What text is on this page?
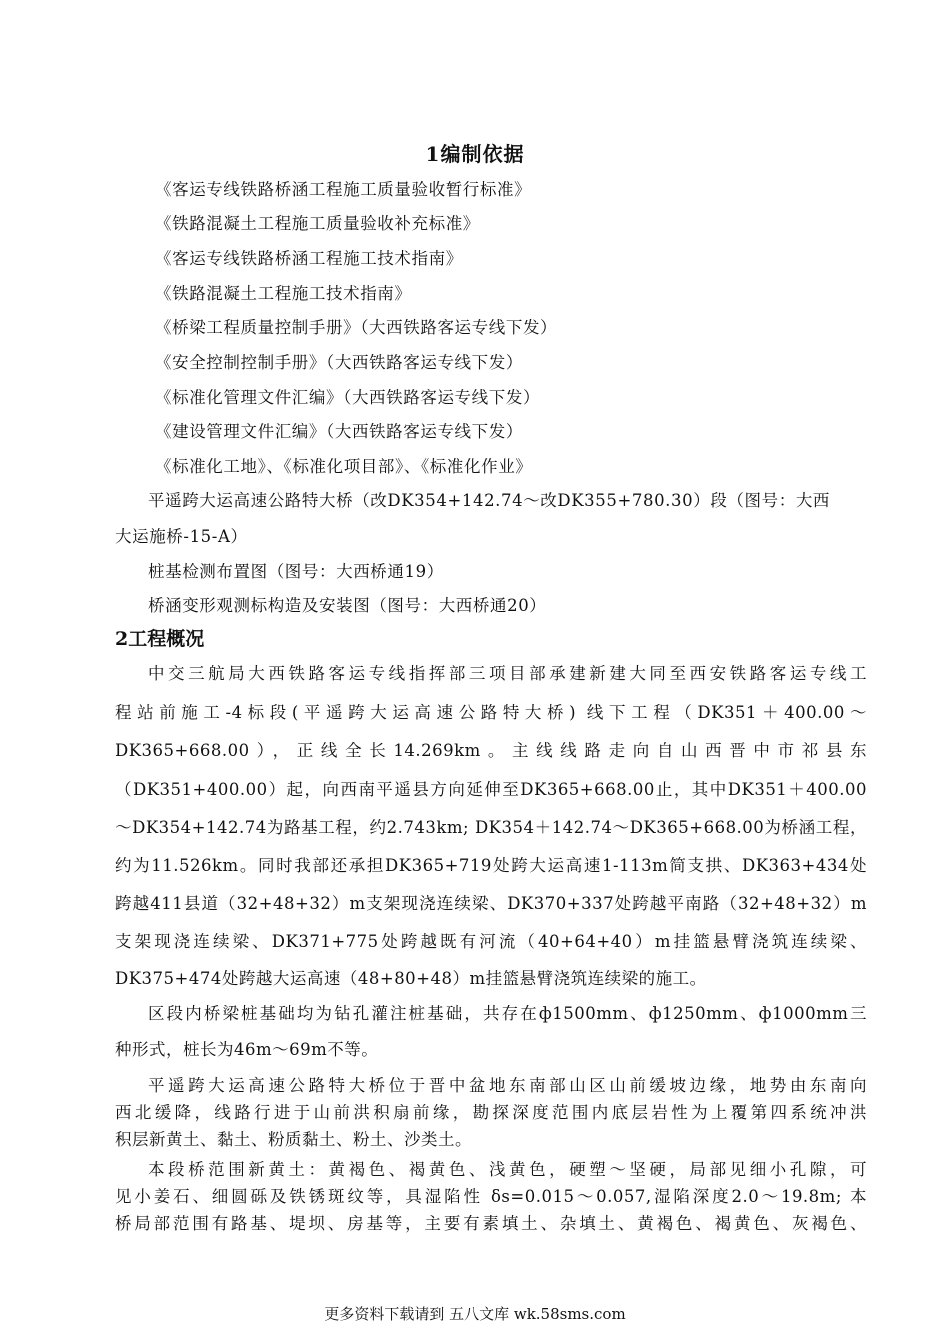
1编制依据
《客运专线铁路桥涵工程施工质量验收暂行标准》
《铁路混凝土工程施工质量验收补充标准》
《客运专线铁路桥涵工程施工技术指南》
《铁路混凝土工程施工技术指南》
《桥梁工程质量控制手册》（大西铁路客运专线下发）
《安全控制控制手册》（大西铁路客运专线下发）
《标准化管理文件汇编》（大西铁路客运专线下发）
《建设管理文件汇编》（大西铁路客运专线下发）
《标准化工地》、《标准化项目部》、《标准化作业》
平遥跨大运高速公路特大桥（改DK354+142.74～改DK355+780.30）段（图号：大西
大运施桥-15-A）
桩基检测布置图（图号：大西桥通19）
桥涵变形观测标构造及安装图（图号：大西桥通20）
2工程概况
中交三航局大西铁路客运专线指挥部三项目部承建新建大同至西安铁路客运专线工
程站前施工-4标段(平遥跨大运高速公路特大桥) 线下工程（DK351＋400.00～
DK365+668.00），正线全长14.269km。主线线路走向自山西晋中市祁县东
（DK351+400.00）起，向西南平遥县方向延伸至DK365+668.00止，其中DK351＋400.00
～DK354+142.74为路基工程，约2.743km; DK354＋142.74～DK365+668.00为桥涵工程，
约为11.526km。同时我部还承担DK365+719处跨大运高速1-113m简支拱、DK363+434处
跨越411县道（32+48+32）m支架现浇连续梁、DK370+337处跨越平南路（32+48+32）m
支架现浇连续梁、DK371+775处跨越既有河流（40+64+40）m挂篮悬臂浇筑连续梁、
DK375+474处跨越大运高速（48+80+48）m挂篮悬臂浇筑连续梁的施工。
区段内桥梁桩基础均为钻孔灌注桩基础，共存在ф1500mm、ф1250mm、ф1000mm三
种形式，桩长为46m～69m不等。
平遥跨大运高速公路特大桥位于晋中盆地东南部山区山前缓坡边缘，地势由东南向
西北缓降，线路行进于山前洪积扇前缘，勘探深度范围内底层岩性为上覆第四系统冲洪
积层新黄土、黏土、粉质黏土、粉土、沙类土。
本段桥范围新黄土：黄褐色、褐黄色、浅黄色，硬塑～坚硬，局部见细小孔隙，可
见小姜石、细圆砾及铁锈斑纹等，具湿陷性 δs=0.015～0.057,湿陷深度2.0～19.8m; 本
桥局部范围有路基、堤坝、房基等，主要有素填土、杂填土、黄褐色、褐黄色、灰褐色、
更多资料下载请到 五八文库 wk.58sms.com
